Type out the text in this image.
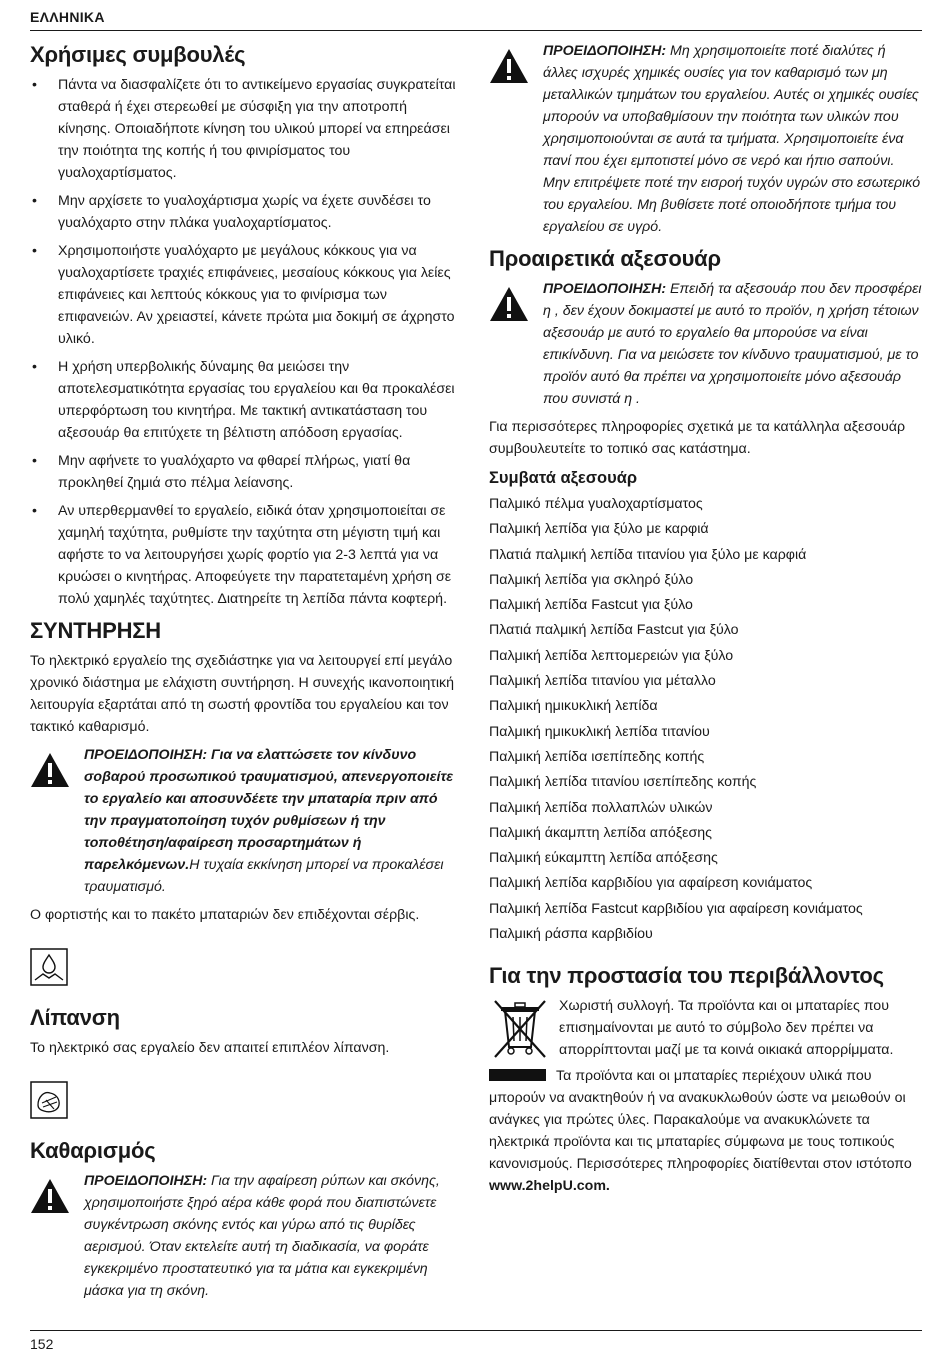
ΕΛΛΗΝΙΚΑ
Χρήσιμες συμβουλές
•	Πάντα να διασφαλίζετε ότι το αντικείμενο εργασίας συγκρατείται σταθερά ή έχει στερεωθεί με σύσφιξη για την αποτροπή κίνησης. Οποιαδήποτε κίνηση του υλικού μπορεί να επηρεάσει την ποιότητα της κοπής ή του φινιρίσματος του γυαλοχαρτίσματος.
•	Μην αρχίσετε το γυαλοχάρτισμα χωρίς να έχετε συνδέσει το γυαλόχαρτο στην πλάκα γυαλοχαρτίσματος.
•	Χρησιμοποιήστε γυαλόχαρτο με μεγάλους κόκκους για να γυαλοχαρτίσετε τραχιές επιφάνειες, μεσαίους κόκκους για λείες επιφάνειες και λεπτούς κόκκους για το φινίρισμα των επιφανειών. Αν χρειαστεί, κάνετε πρώτα μια δοκιμή σε άχρηστο υλικό.
•	Η χρήση υπερβολικής δύναμης θα μειώσει την αποτελεσματικότητα εργασίας του εργαλείου και θα προκαλέσει υπερφόρτωση του κινητήρα. Με τακτική αντικατάσταση του αξεσουάρ θα επιτύχετε τη βέλτιστη απόδοση εργασίας.
•	Μην αφήνετε το γυαλόχαρτο να φθαρεί πλήρως, γιατί θα προκληθεί ζημιά στο πέλμα λείανσης.
•	Αν υπερθερμανθεί το εργαλείο, ειδικά όταν χρησιμοποιείται σε χαμηλή ταχύτητα, ρυθμίστε την ταχύτητα στη μέγιστη τιμή και αφήστε το να λειτουργήσει χωρίς φορτίο για 2-3 λεπτά για να κρυώσει ο κινητήρας. Αποφεύγετε την παρατεταμένη χρήση σε πολύ χαμηλές ταχύτητες. Διατηρείτε τη λεπίδα πάντα κοφτερή.
ΣΥΝΤΗΡΗΣΗ

Το ηλεκτρικό εργαλείο της σχεδιάστηκε για να λειτουργεί επί μεγάλο χρονικό διάστημα με ελάχιστη συντήρηση. Η συνεχής ικανοποιητική λειτουργία εξαρτάται από τη σωστή φροντίδα του εργαλείου και τον τακτικό καθαρισμό.

ΠΡΟΕΙΔΟΠΟΙΗΣΗ: Για να ελαττώσετε τον κίνδυνο σοβαρού προσωπικού τραυματισμού, απενεργοποιείτε το εργαλείο και αποσυνδέετε την μπαταρία πριν από την πραγματοποίηση τυχόν ρυθμίσεων ή την τοποθέτηση/αφαίρεση προσαρτημάτων ή παρελκόμενων.Η τυχαία εκκίνηση μπορεί να προκαλέσει τραυματισμό.

Ο φορτιστής και το πακέτο μπαταριών δεν επιδέχονται σέρβις.

Λίπανση

Το ηλεκτρικό σας εργαλείο δεν απαιτεί επιπλέον λίπανση.

Καθαρισμός
ΠΡΟΕΙΔΟΠΟΙΗΣΗ: Για την αφαίρεση ρύπων και σκόνης, χρησιμοποιήστε ξηρό αέρα κάθε φορά που διαπιστώνετε συγκέντρωση σκόνης εντός και γύρω από τις θυρίδες αερισμού. Όταν εκτελείτε αυτή τη διαδικασία, να φοράτε εγκεκριμένο προστατευτικό για τα μάτια και εγκεκριμένη μάσκα για τη σκόνη.
ΠΡΟΕΙΔΟΠΟΙΗΣΗ: Μη χρησιμοποιείτε ποτέ διαλύτες ή άλλες ισχυρές χημικές ουσίες για τον καθαρισμό των μη μεταλλικών τμημάτων του εργαλείου. Αυτές οι χημικές ουσίες μπορούν να υποβαθμίσουν την ποιότητα των υλικών που χρησιμοποιούνται σε αυτά τα τμήματα. Χρησιμοποιείτε ένα πανί που έχει εμποτιστεί μόνο σε νερό και ήπιο σαπούνι. Μην επιτρέψετε ποτέ την εισροή τυχόν υγρών στο εσωτερικό του εργαλείου. Μη βυθίσετε ποτέ οποιοδήποτε τμήμα του εργαλείου σε υγρό.
Προαιρετικά αξεσουάρ
ΠΡΟΕΙΔΟΠΟΙΗΣΗ: Επειδή τα αξεσουάρ που δεν προσφέρει η , δεν έχουν δοκιμαστεί με αυτό το προϊόν, η χρήση τέτοιων αξεσουάρ με αυτό το εργαλείο θα μπορούσε να είναι επικίνδυνη. Για να μειώσετε τον κίνδυνο τραυματισμού, με το προϊόν αυτό θα πρέπει να χρησιμοποιείτε μόνο αξεσουάρ που συνιστά η .

Για περισσότερες πληροφορίες σχετικά με τα κατάλληλα αξεσουάρ συμβουλευτείτε το τοπικό σας κατάστημα.

Συμβατά αξεσουάρ
Παλμικό πέλμα γυαλοχαρτίσματος
Παλμική λεπίδα για ξύλο με καρφιά
Πλατιά παλμική λεπίδα τιτανίου για ξύλο με καρφιά
Παλμική λεπίδα για σκληρό ξύλο
Παλμική λεπίδα Fastcut για ξύλο
Πλατιά παλμική λεπίδα Fastcut για ξύλο
Παλμική λεπίδα λεπτομερειών για ξύλο
Παλμική λεπίδα τιτανίου για μέταλλο
Παλμική ημικυκλική λεπίδα
Παλμική ημικυκλική λεπίδα τιτανίου
Παλμική λεπίδα ισεπίπεδης κοπής
Παλμική λεπίδα τιτανίου ισεπίπεδης κοπής
Παλμική λεπίδα πολλαπλών υλικών
Παλμική άκαμπτη λεπίδα απόξεσης
Παλμική εύκαμπτη λεπίδα απόξεσης
Παλμική λεπίδα καρβιδίου για αφαίρεση κονιάματος
Παλμική λεπίδα Fastcut καρβιδίου για αφαίρεση κονιάματος
Παλμική ράσπα καρβιδίου
Για την προστασία του περιβάλλοντος

Χωριστή συλλογή. Τα προϊόντα και οι μπαταρίες που επισημαίνονται με αυτό το σύμβολο δεν πρέπει να απορρίπτονται μαζί με τα κοινά οικιακά απορρίμματα.

Τα προϊόντα και οι μπαταρίες περιέχουν υλικά που μπορούν να ανακτηθούν ή να ανακυκλωθούν ώστε να μειωθούν οι ανάγκες για πρώτες ύλες. Παρακαλούμε να ανακυκλώνετε τα ηλεκτρικά προϊόντα και τις μπαταρίες σύμφωνα με τους τοπικούς κανονισμούς. Περισσότερες πληροφορίες διατίθενται στον ιστότοπο www.2helpU.com.

152
